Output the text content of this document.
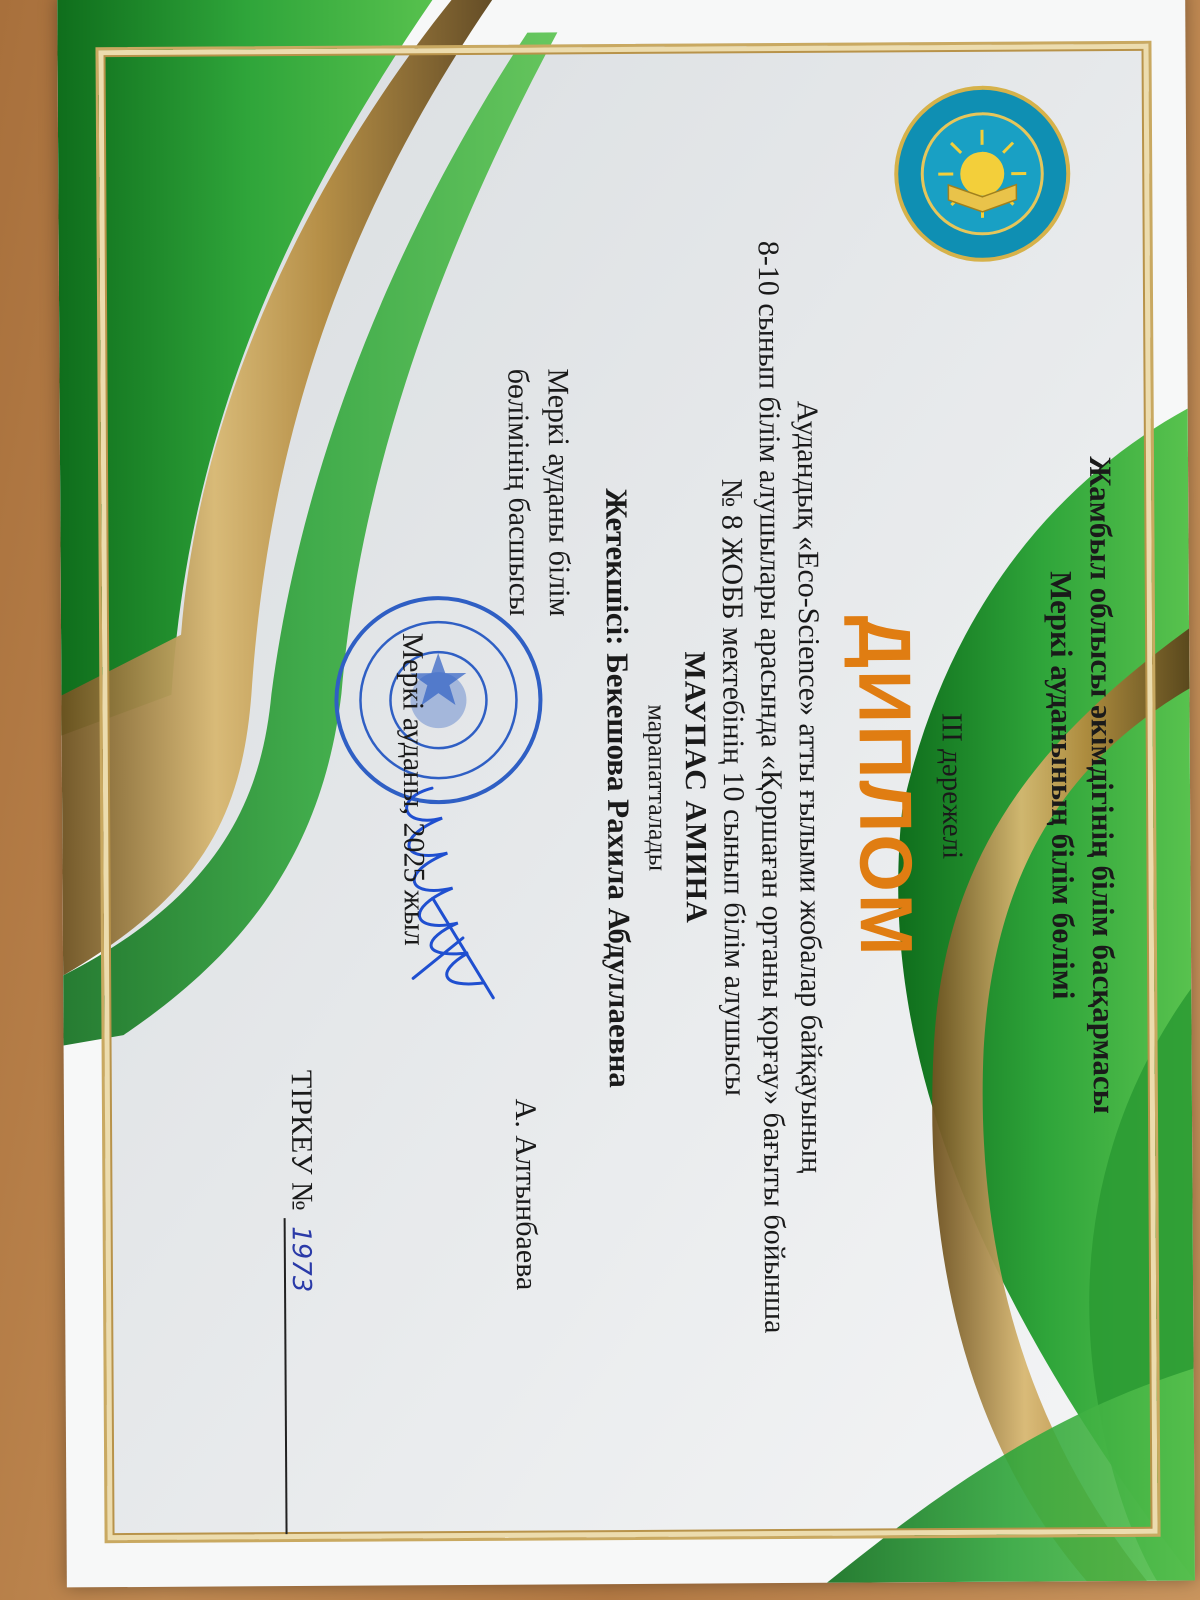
Жамбыл облысы әкімдігінің білім басқармасы
Меркі ауданының білім бөлімі
III дәрежелі
ДИПЛОМ
Аудандық «Eco-Science» атты ғылыми жобалар байқауының
8-10 сынып білім алушылары арасында «Қоршаған ортаны қорғау» бағыты бойынша
№ 8 ЖОББ мектебінің 10 сынып білім алушысы
МАУПАС АМИНА
марапатталады
Жетекшісі: Бекешова Рахила Абдуллаевна
Меркі ауданы білім
бөлімінің басшысы
А. Алтынбаева
Меркі ауданы, 2025 жыл
ТІРКЕУ № 1973
